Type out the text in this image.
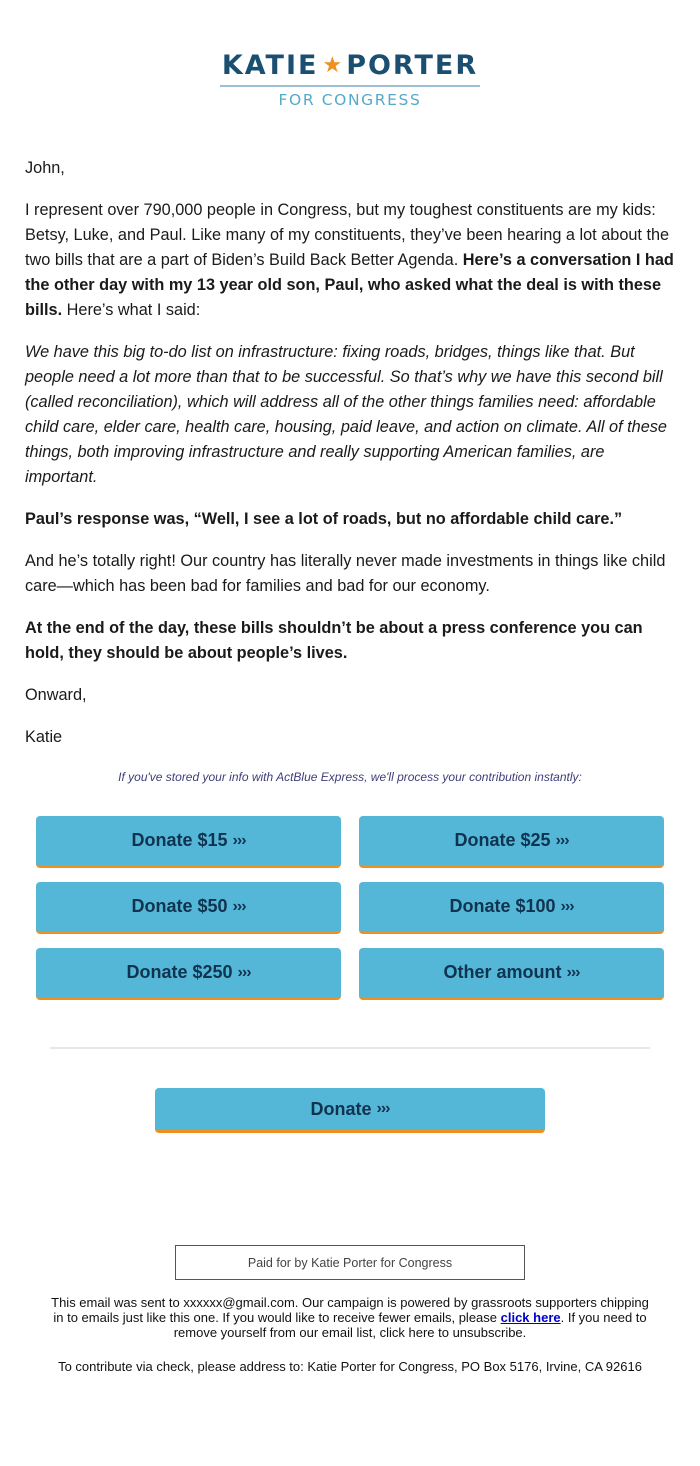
KATIE ★ PORTER
FOR CONGRESS

John,

I represent over 790,000 people in Congress, but my toughest constituents are my kids: Betsy, Luke, and Paul. Like many of my constituents, they’ve been hearing a lot about the two bills that are a part of Biden’s Build Back Better Agenda. Here’s a conversation I had the other day with my 13 year old son, Paul, who asked what the deal is with these bills. Here’s what I said:

We have this big to-do list on infrastructure: fixing roads, bridges, things like that. But people need a lot more than that to be successful. So that’s why we have this second bill (called reconciliation), which will address all of the other things families need: affordable child care, elder care, health care, housing, paid leave, and action on climate. All of these things, both improving infrastructure and really supporting American families, are important.

Paul’s response was, “Well, I see a lot of roads, but no affordable child care.”

And he’s totally right! Our country has literally never made investments in things like child care—which has been bad for families and bad for our economy.

At the end of the day, these bills shouldn’t be about a press conference you can hold, they should be about people’s lives.

Onward,

Katie

If you've stored your info with ActBlue Express, we'll process your contribution instantly:
Donate $15 ›››	Donate $25 ›››
Donate $50 ›››	Donate $100 ›››
Donate $250 ›››	Other amount ›››
Donate ›››
Paid for by Katie Porter for Congress
This email was sent to xxxxxx@gmail.com. Our campaign is powered by grassroots supporters chipping in to emails just like this one. If you would like to receive fewer emails, please click here. If you need to remove yourself from our email list, click here to unsubscribe.
To contribute via check, please address to: Katie Porter for Congress, PO Box 5176, Irvine, CA 92616
